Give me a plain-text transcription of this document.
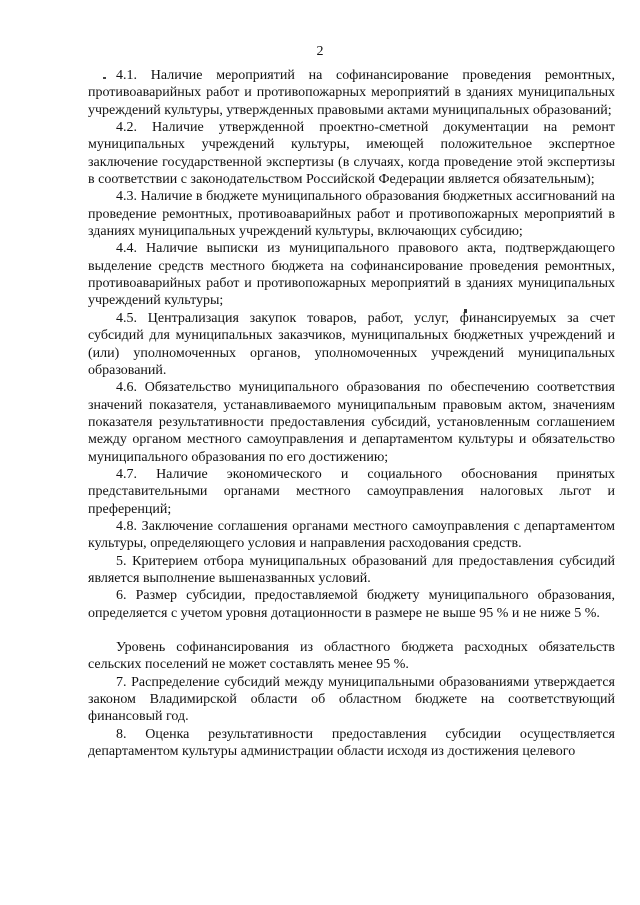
2

4.1. Наличие мероприятий на софинансирование проведения ремонтных, противоаварийных работ и противопожарных мероприятий в зданиях муниципальных учреждений культуры, утвержденных правовыми актами муниципальных образований;

4.2. Наличие утвержденной проектно-сметной документации на ремонт муниципальных учреждений культуры, имеющей положительное экспертное заключение государственной экспертизы (в случаях, когда проведение этой экспертизы в соответствии с законодательством Российской Федерации является обязательным);

4.3. Наличие в бюджете муниципального образования бюджетных ассигнований на проведение ремонтных, противоаварийных работ и противопожарных мероприятий в зданиях муниципальных учреждений культуры, включающих субсидию;

4.4. Наличие выписки из муниципального правового акта, подтверждающего выделение средств местного бюджета на софинансирование проведения ремонтных, противоаварийных работ и противопожарных мероприятий в зданиях муниципальных учреждений культуры;

4.5. Централизация закупок товаров, работ, услуг, финансируемых за счет субсидий для муниципальных заказчиков, муниципальных бюджетных учреждений и (или) уполномоченных органов, уполномоченных учреждений муниципальных образований.

4.6. Обязательство муниципального образования по обеспечению соответствия значений показателя, устанавливаемого муниципальным правовым актом, значениям показателя результативности предоставления субсидий, установленным соглашением между органом местного самоуправления и департаментом культуры и обязательство муниципального образования по его достижению;

4.7. Наличие экономического и социального обоснования принятых представительными органами местного самоуправления налоговых льгот и преференций;

4.8. Заключение соглашения органами местного самоуправления с департаментом культуры, определяющего условия и направления расходования средств.

5. Критерием отбора муниципальных образований для предоставления субсидий является выполнение вышеназванных условий.

6. Размер субсидии, предоставляемой бюджету муниципального образования, определяется с учетом уровня дотационности в размере не выше 95 % и не ниже 5 %.

Уровень софинансирования из областного бюджета расходных обязательств сельских поселений не может составлять менее 95 %.

7. Распределение субсидий между муниципальными образованиями утверждается законом Владимирской области об областном бюджете на соответствующий финансовый год.

8. Оценка результативности предоставления субсидии осуществляется департаментом культуры администрации области исходя из достижения целевого
